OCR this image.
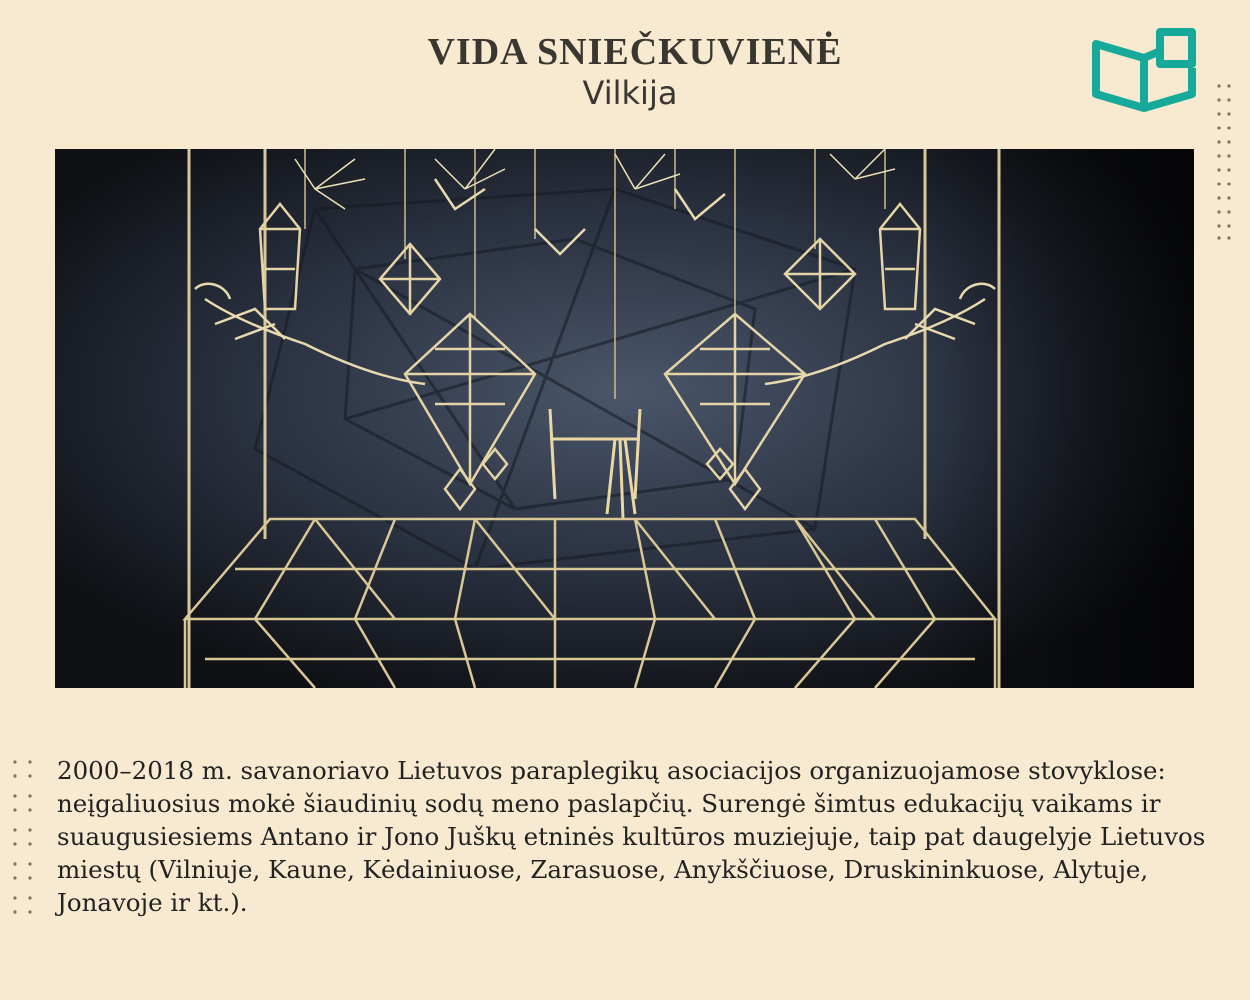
VIDA SNIEČKUVIENĖ
Vilkija
2000–2018 m. savanoriavo Lietuvos paraplegikų asociacijos organizuojamose stovyklose: neįgaliuosius mokė šiaudinių sodų meno paslapčių. Surengė šimtus edukacijų vaikams ir suaugusiesiems Antano ir Jono Juškų etninės kultūros muziejuje, taip pat daugelyje Lietuvos miestų (Vilniuje, Kaune, Kėdainiuose, Zarasuose, Anykščiuose, Druskininkuose, Alytuje, Jonavoje ir kt.).
